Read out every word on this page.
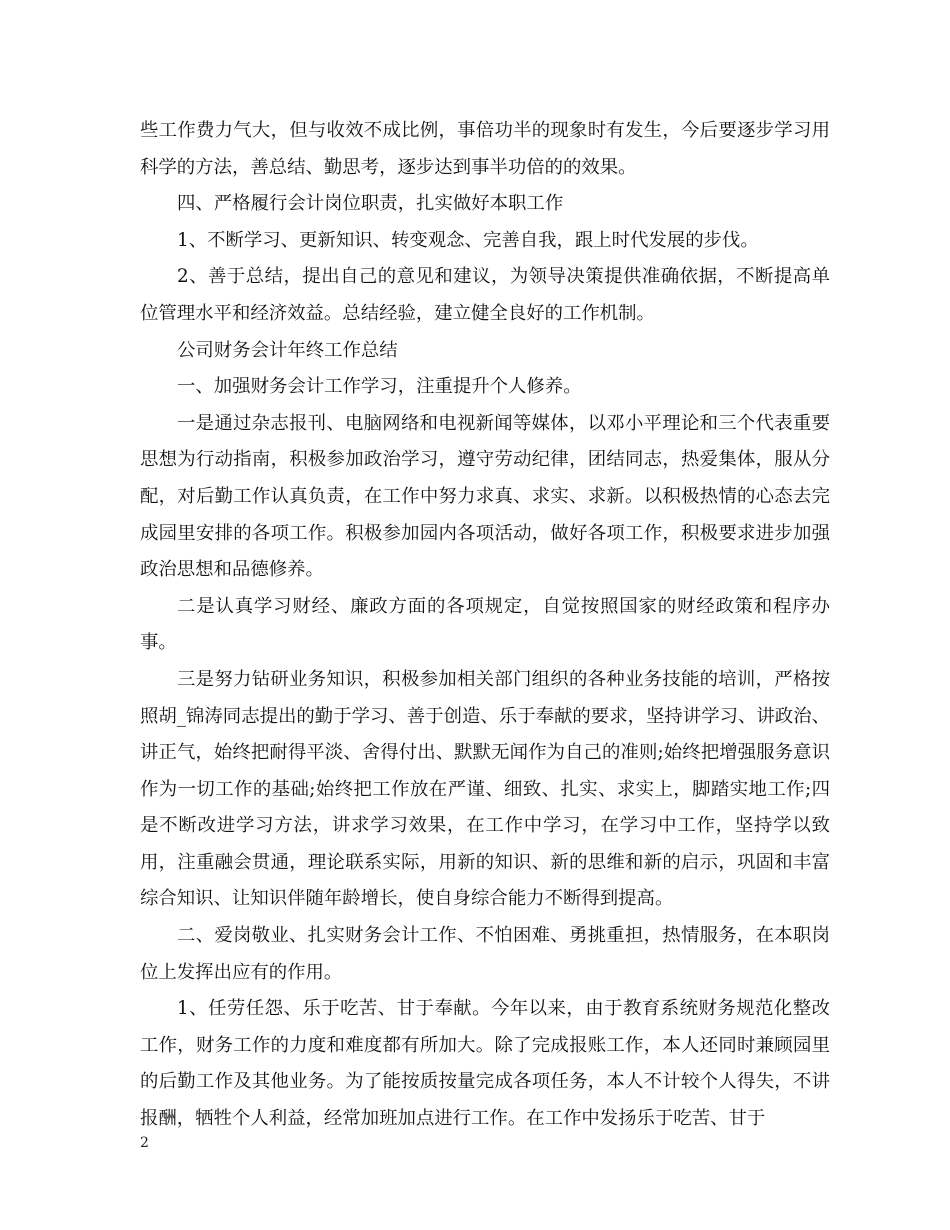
些工作费力气大，但与收效不成比例，事倍功半的现象时有发生，今后要逐步学习用科学的方法，善总结、勤思考，逐步达到事半功倍的的效果。

四、严格履行会计岗位职责，扎实做好本职工作

1、不断学习、更新知识、转变观念、完善自我，跟上时代发展的步伐。

2、善于总结，提出自己的意见和建议，为领导决策提供准确依据，不断提高单位管理水平和经济效益。总结经验，建立健全良好的工作机制。

公司财务会计年终工作总结

一、加强财务会计工作学习，注重提升个人修养。

一是通过杂志报刊、电脑网络和电视新闻等媒体，以邓小平理论和三个代表重要思想为行动指南，积极参加政治学习，遵守劳动纪律，团结同志，热爱集体，服从分配，对后勤工作认真负责，在工作中努力求真、求实、求新。以积极热情的心态去完成园里安排的各项工作。积极参加园内各项活动，做好各项工作，积极要求进步加强政治思想和品德修养。

二是认真学习财经、廉政方面的各项规定，自觉按照国家的财经政策和程序办事。

三是努力钻研业务知识，积极参加相关部门组织的各种业务技能的培训，严格按照胡_锦涛同志提出的勤于学习、善于创造、乐于奉献的要求，坚持讲学习、讲政治、讲正气，始终把耐得平淡、舍得付出、默默无闻作为自己的准则;始终把增强服务意识作为一切工作的基础;始终把工作放在严谨、细致、扎实、求实上，脚踏实地工作;四是不断改进学习方法，讲求学习效果，在工作中学习，在学习中工作，坚持学以致用，注重融会贯通，理论联系实际，用新的知识、新的思维和新的启示，巩固和丰富综合知识、让知识伴随年龄增长，使自身综合能力不断得到提高。

二、爱岗敬业、扎实财务会计工作、不怕困难、勇挑重担，热情服务，在本职岗位上发挥出应有的作用。

1、任劳任怨、乐于吃苦、甘于奉献。今年以来，由于教育系统财务规范化整改工作，财务工作的力度和难度都有所加大。除了完成报账工作，本人还同时兼顾园里的后勤工作及其他业务。为了能按质按量完成各项任务，本人不计较个人得失，不讲报酬，牺牲个人利益，经常加班加点进行工作。在工作中发扬乐于吃苦、甘于

2
